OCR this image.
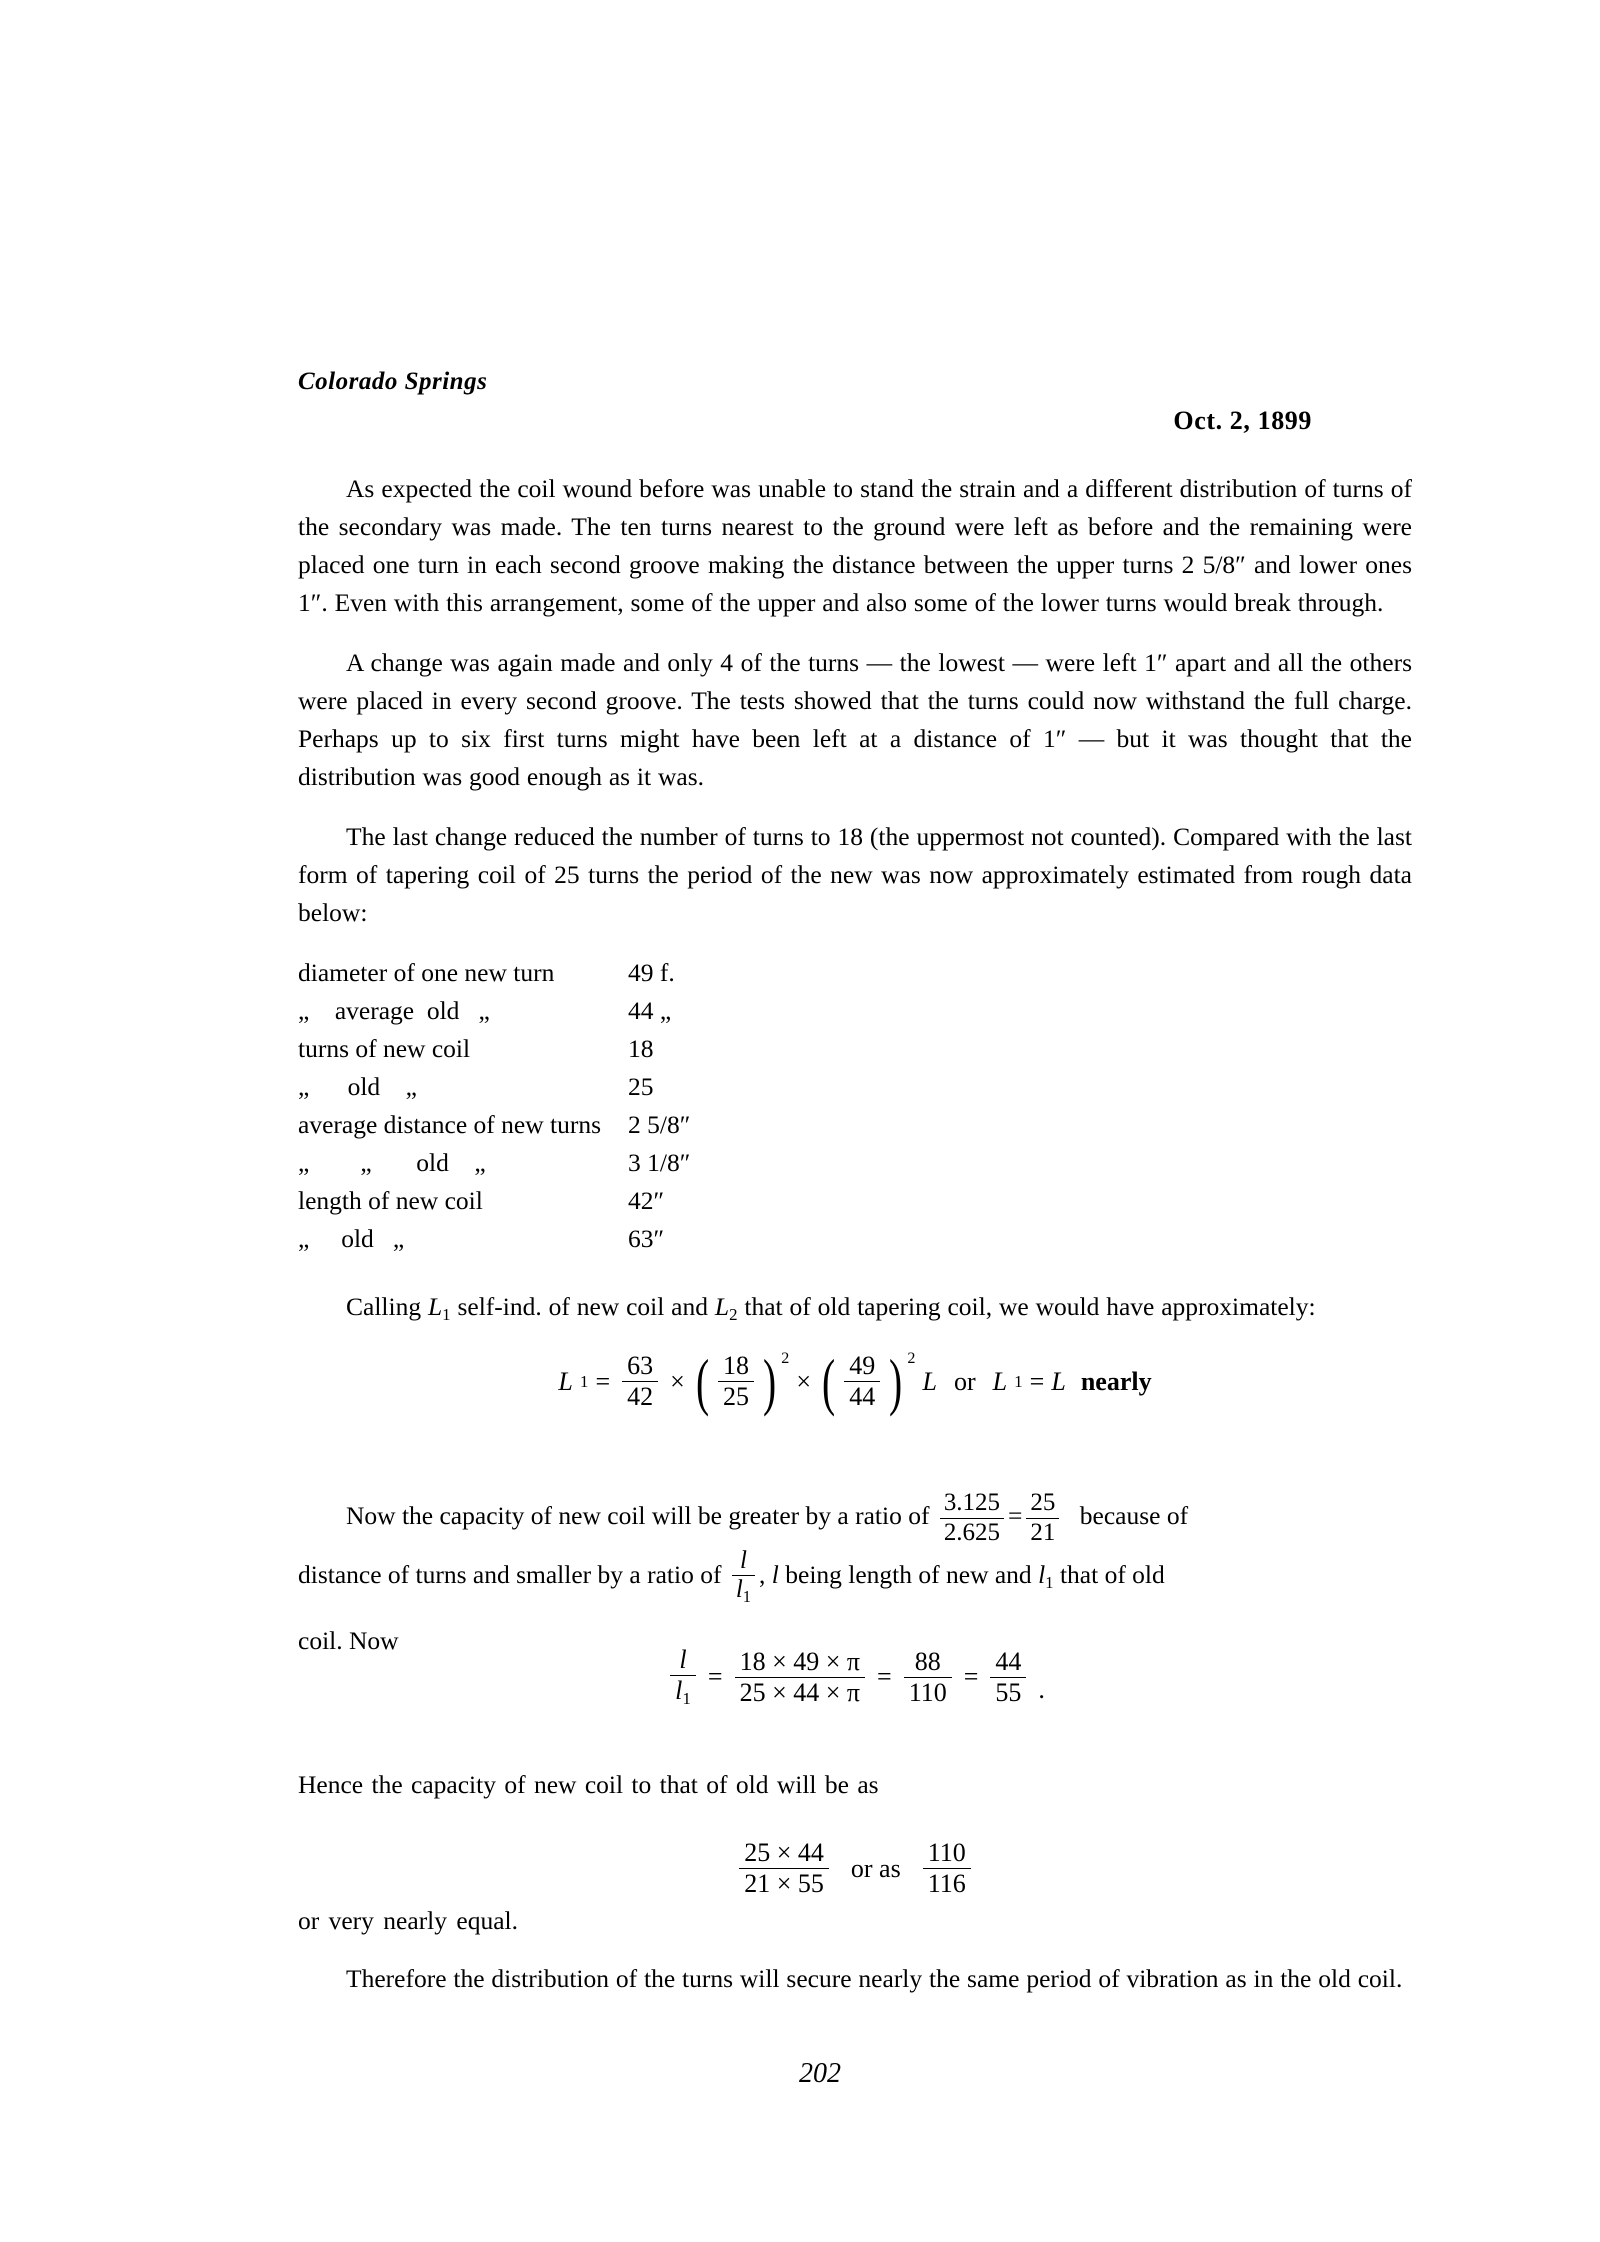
Colorado Springs
Oct. 2, 1899

As expected the coil wound before was unable to stand the strain and a different distribution of turns of the secondary was made. The ten turns nearest to the ground were left as before and the remaining were placed one turn in each second groove making the distance between the upper turns 2 5/8″ and lower ones 1″. Even with this arrangement, some of the upper and also some of the lower turns would break through.

A change was again made and only 4 of the turns — the lowest — were left 1″ apart and all the others were placed in every second groove. The tests showed that the turns could now withstand the full charge. Perhaps up to six first turns might have been left at a distance of 1″ — but it was thought that the distribution was good enough as it was.

The last change reduced the number of turns to 18 (the uppermost not counted). Compared with the last form of tapering coil of 25 turns the period of the new was now approximately estimated from rough data below:

diameter of one new turn	49 f.
„    average  old   „	44 „
turns of new coil	18
„      old    „	25
average distance of new turns	2 5/8″
„        „       old    „	3 1/8″
length of new coil	42″
„     old   „	63″

Calling $L_1$ self-ind. of new coil and $L_2$ that of old tapering coil, we would have approximately:

L $1 = \frac{63}{42}$ × ( $\frac{18}{25}$ ) 2
× ( $\frac{49}{44}$ ) 2
L or L 1 = L nearly
Now the capacity of new coil will be greater by a ratio of $\frac{3.125}{2.625} = \frac{25}{21}$ because of
distance of turns and smaller by a ratio of $\frac{l}{l_1}$ , l being length of new and $l_1$ that of old
coil. Now
$\frac{l}{l_1} = \frac{18 \times 49 \times \pi}{25 \times 44 \times \pi} = \frac{88}{110} = \frac{44}{55}$ .
Hence the capacity of new coil to that of old will be as
$\frac{25 \times 44}{21 \times 55}$ or as $\frac{110}{116}$
or very nearly equal.

Therefore the distribution of the turns will secure nearly the same period of vibration as in the old coil.

202
